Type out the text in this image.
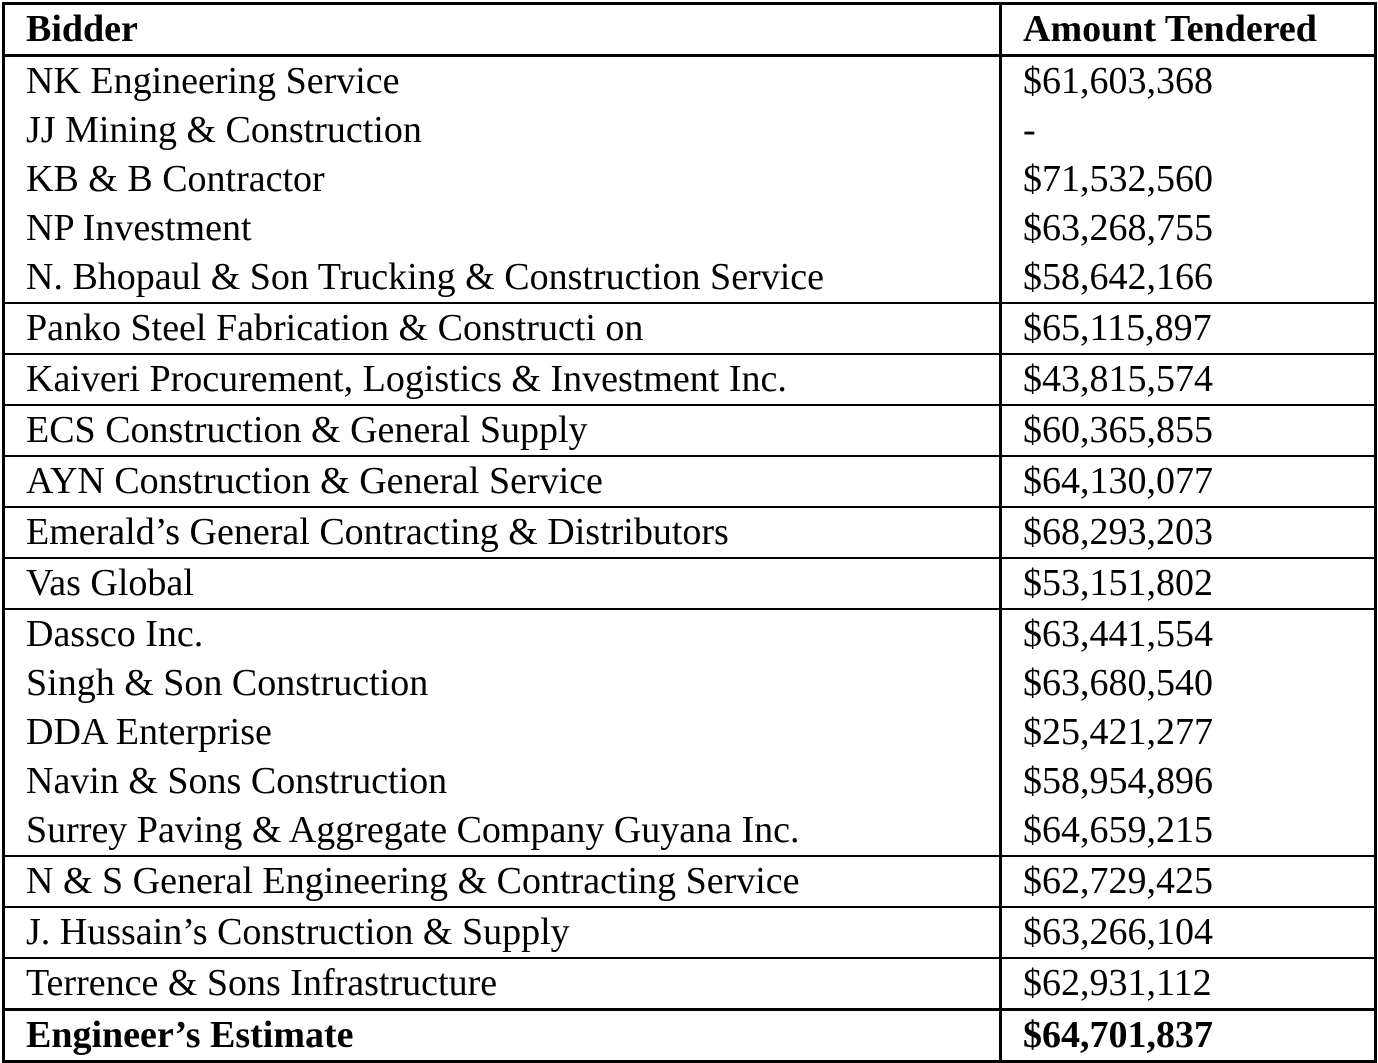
Bidder	Amount Tendered
NK Engineering Service	$61,603,368
JJ Mining & Construction	-
KB & B Contractor	$71,532,560
NP Investment	$63,268,755
N. Bhopaul & Son Trucking & Construction Service	$58,642,166
Panko Steel Fabrication & Constructi on	$65,115,897
Kaiveri Procurement, Logistics & Investment Inc.	$43,815,574
ECS Construction & General Supply	$60,365,855
AYN Construction & General Service	$64,130,077
Emerald’s General Contracting & Distributors	$68,293,203
Vas Global	$53,151,802
Dassco Inc.	$63,441,554
Singh & Son Construction	$63,680,540
DDA Enterprise	$25,421,277
Navin & Sons Construction	$58,954,896
Surrey Paving & Aggregate Company Guyana Inc.	$64,659,215
N & S General Engineering & Contracting Service	$62,729,425
J. Hussain’s Construction & Supply	$63,266,104
Terrence & Sons Infrastructure	$62,931,112
Engineer’s Estimate	$64,701,837
